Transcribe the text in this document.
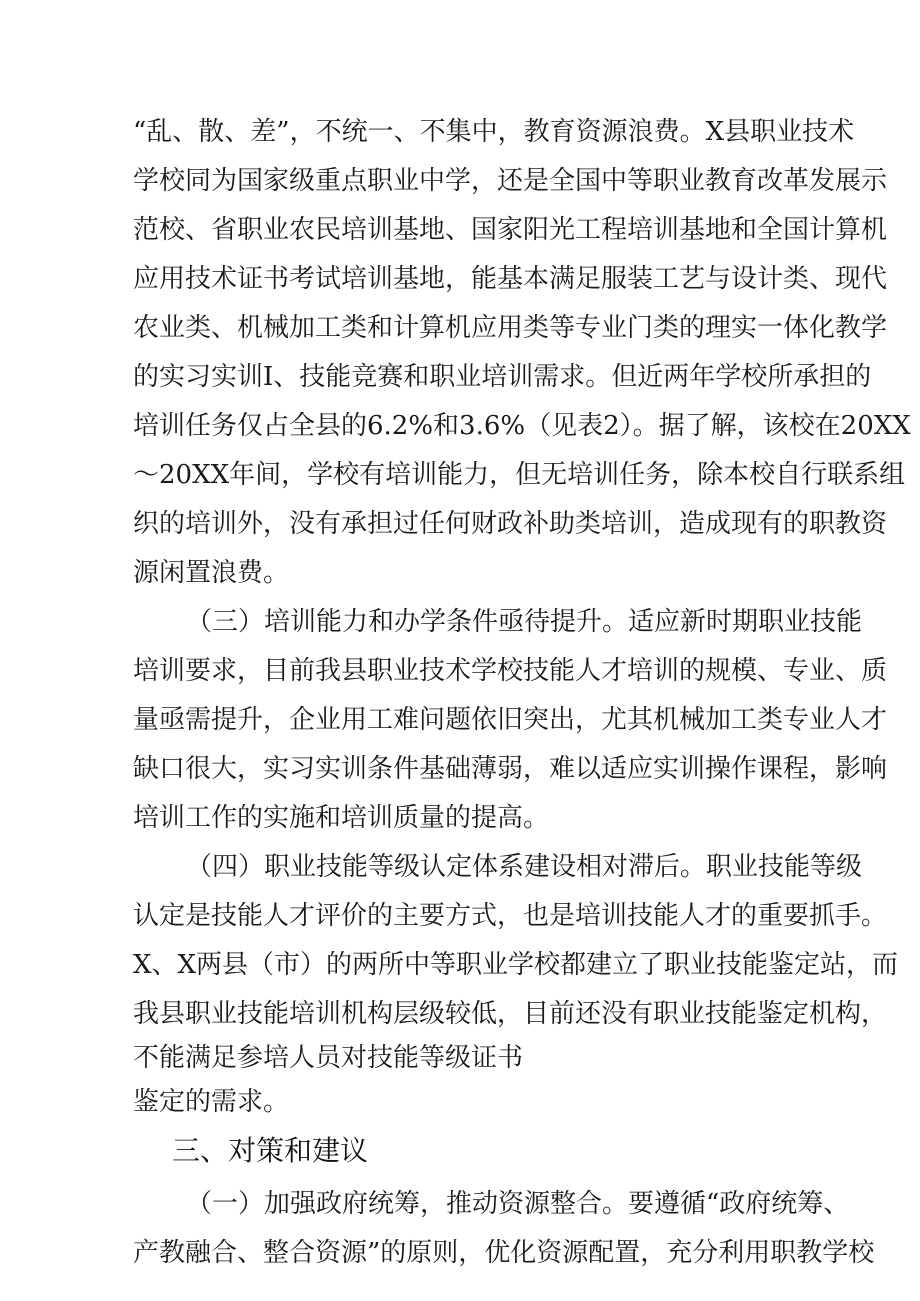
“乱、散、差”，不统一、不集中，教育资源浪费。X县职业技术
学校同为国家级重点职业中学，还是全国中等职业教育改革发展示
范校、省职业农民培训基地、国家阳光工程培训基地和全国计算机
应用技术证书考试培训基地，能基本满足服装工艺与设计类、现代
农业类、机械加工类和计算机应用类等专业门类的理实一体化教学
的实习实训I、技能竞赛和职业培训需求。但近两年学校所承担的
培训任务仅占全县的6.2%和3.6%（见表2）。据了解，该校在20XX
～20XX年间，学校有培训能力，但无培训任务，除本校自行联系组
织的培训外，没有承担过任何财政补助类培训，造成现有的职教资
源闲置浪费。
（三）培训能力和办学条件亟待提升。适应新时期职业技能
培训要求，目前我县职业技术学校技能人才培训的规模、专业、质
量亟需提升，企业用工难问题依旧突出，尤其机械加工类专业人才
缺口很大，实习实训条件基础薄弱，难以适应实训操作课程，影响
培训工作的实施和培训质量的提高。
（四）职业技能等级认定体系建设相对滞后。职业技能等级
认定是技能人才评价的主要方式，也是培训技能人才的重要抓手。
X、X两县（市）的两所中等职业学校都建立了职业技能鉴定站，而
我县职业技能培训机构层级较低，目前还没有职业技能鉴定机构，
不能满足参培人员对技能等级证书
鉴定的需求。
三、对策和建议
（一）加强政府统筹，推动资源整合。要遵循“政府统筹、
产教融合、整合资源”的原则，优化资源配置，充分利用职教学校
